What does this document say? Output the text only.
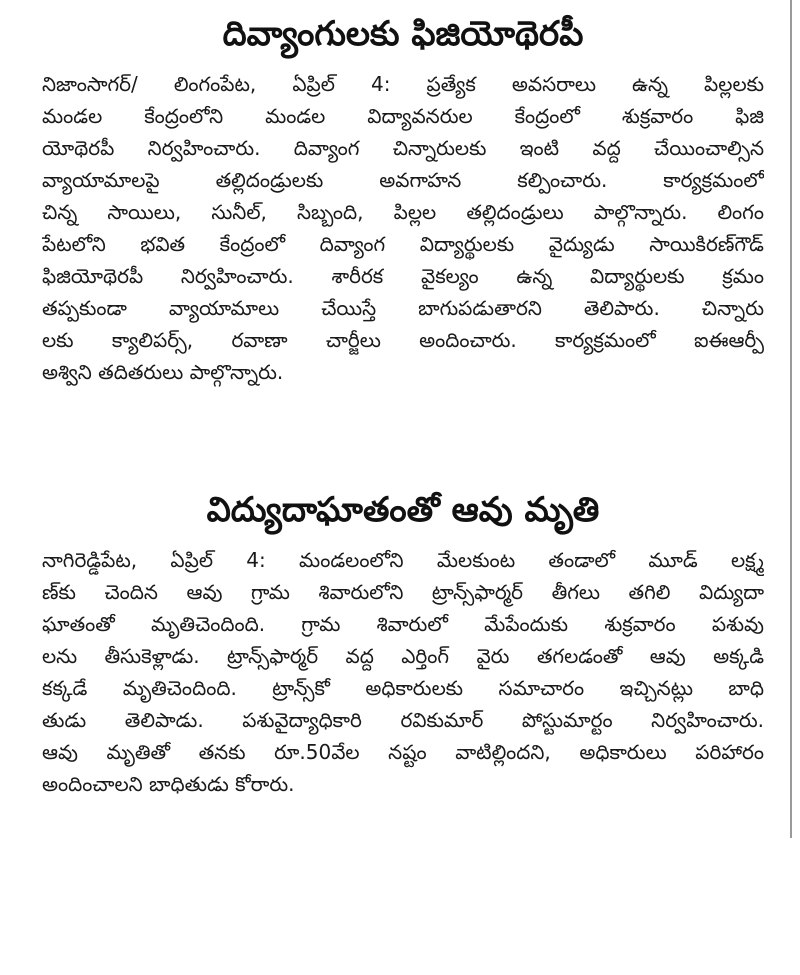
దివ్యాంగులకు ఫిజియోథెరపీ
నిజాంసాగర్/ లింగంపేట, ఏప్రిల్ 4: ప్రత్యేక అవసరాలు ఉన్న పిల్లలకు
మండల కేంద్రంలోని మండల విద్యావనరుల కేంద్రంలో శుక్రవారం ఫిజి
యోథెరపీ నిర్వహించారు. దివ్యాంగ చిన్నారులకు ఇంటి వద్ద చేయించాల్సిన
వ్యాయామాలపై తల్లిదండ్రులకు అవగాహన కల్పించారు. కార్యక్రమంలో
చిన్న సాయిలు, సునీల్, సిబ్బంది, పిల్లల తల్లిదండ్రులు పాల్గొన్నారు. లింగం
పేటలోని భవిత కేంద్రంలో దివ్యాంగ విద్యార్థులకు వైద్యుడు సాయికిరణ్‌గౌడ్
ఫిజియోథెరపీ నిర్వహించారు. శారీరక వైకల్యం ఉన్న విద్యార్థులకు క్రమం
తప్పకుండా వ్యాయామాలు చేయిస్తే బాగుపడుతారని తెలిపారు. చిన్నారు
లకు క్యాలిపర్స్, రవాణా చార్జీలు అందించారు. కార్యక్రమంలో ఐఈఆర్పీ
అశ్విని తదితరులు పాల్గొన్నారు.
విద్యుదాఘాతంతో ఆవు మృతి
నాగిరెడ్డిపేట, ఏప్రిల్ 4: మండలంలోని మేలకుంట తండాలో మూడ్ లక్ష్మ
ణ్‌కు చెందిన ఆవు గ్రామ శివారులోని ట్రాన్స్‌ఫార్మర్ తీగలు తగిలి విద్యుదా
ఘాతంతో మృతిచెందింది. గ్రామ శివారులో మేపేందుకు శుక్రవారం పశువు
లను తీసుకెళ్లాడు. ట్రాన్స్‌ఫార్మర్ వద్ద ఎర్తింగ్ వైరు తగలడంతో ఆవు అక్కడి
కక్కడే మృతిచెందింది. ట్రాన్స్‌కో అధికారులకు సమాచారం ఇచ్చినట్లు బాధి
తుడు తెలిపాడు. పశువైద్యాధికారి రవికుమార్ పోస్టుమార్టం నిర్వహించారు.
ఆవు మృతితో తనకు రూ.50వేల నష్టం వాటిల్లిందని, అధికారులు పరిహారం
అందించాలని బాధితుడు కోరారు.
